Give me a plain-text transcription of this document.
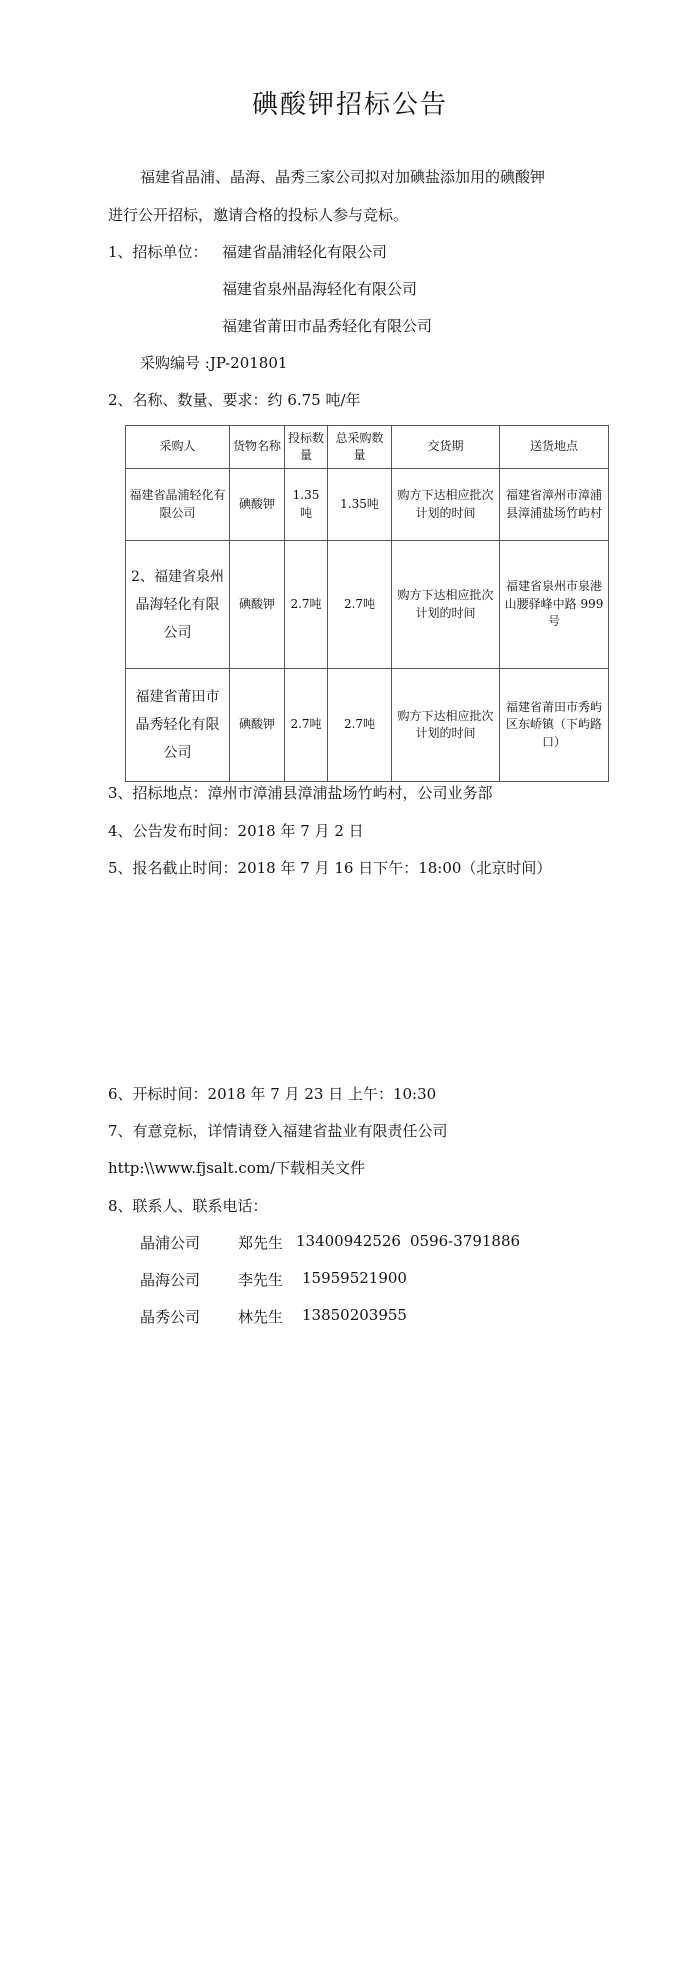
碘酸钾招标公告
福建省晶浦、晶海、晶秀三家公司拟对加碘盐添加用的碘酸钾
进行公开招标，邀请合格的投标人参与竞标。
1、招标单位： 福建省晶浦轻化有限公司
福建省泉州晶海轻化有限公司
福建省莆田市晶秀轻化有限公司
采购编号 :JP-201801
2、名称、数量、要求：约 6.75 吨/年
采购人	货物名称	投标数量	总采购数量	交货期	送货地点
福建省晶浦轻化有限公司	碘酸钾	1.35吨	1.35吨	购方下达相应批次计划的时间	福建省漳州市漳浦县漳浦盐场竹屿村
2、福建省泉州晶海轻化有限公司	碘酸钾	2.7吨	2.7吨	购方下达相应批次计划的时间	福建省泉州市泉港山腰驿峰中路 999 号
福建省莆田市晶秀轻化有限公司	碘酸钾	2.7吨	2.7吨	购方下达相应批次计划的时间	福建省莆田市秀屿区东峤镇（下屿路口）
3、招标地点：漳州市漳浦县漳浦盐场竹屿村，公司业务部
4、公告发布时间：2018 年 7 月 2 日
5、报名截止时间：2018 年 7 月 16 日下午：18:00（北京时间）
6、开标时间：2018 年 7 月 23 日 上午：10:30
7、有意竞标，详情请登入福建省盐业有限责任公司
http:\\www.fjsalt.com/下载相关文件
8、联系人、联系电话：
晶浦公司	郑先生 13400942526 0596-3791886
晶海公司	李先生 15959521900
晶秀公司	林先生 13850203955
